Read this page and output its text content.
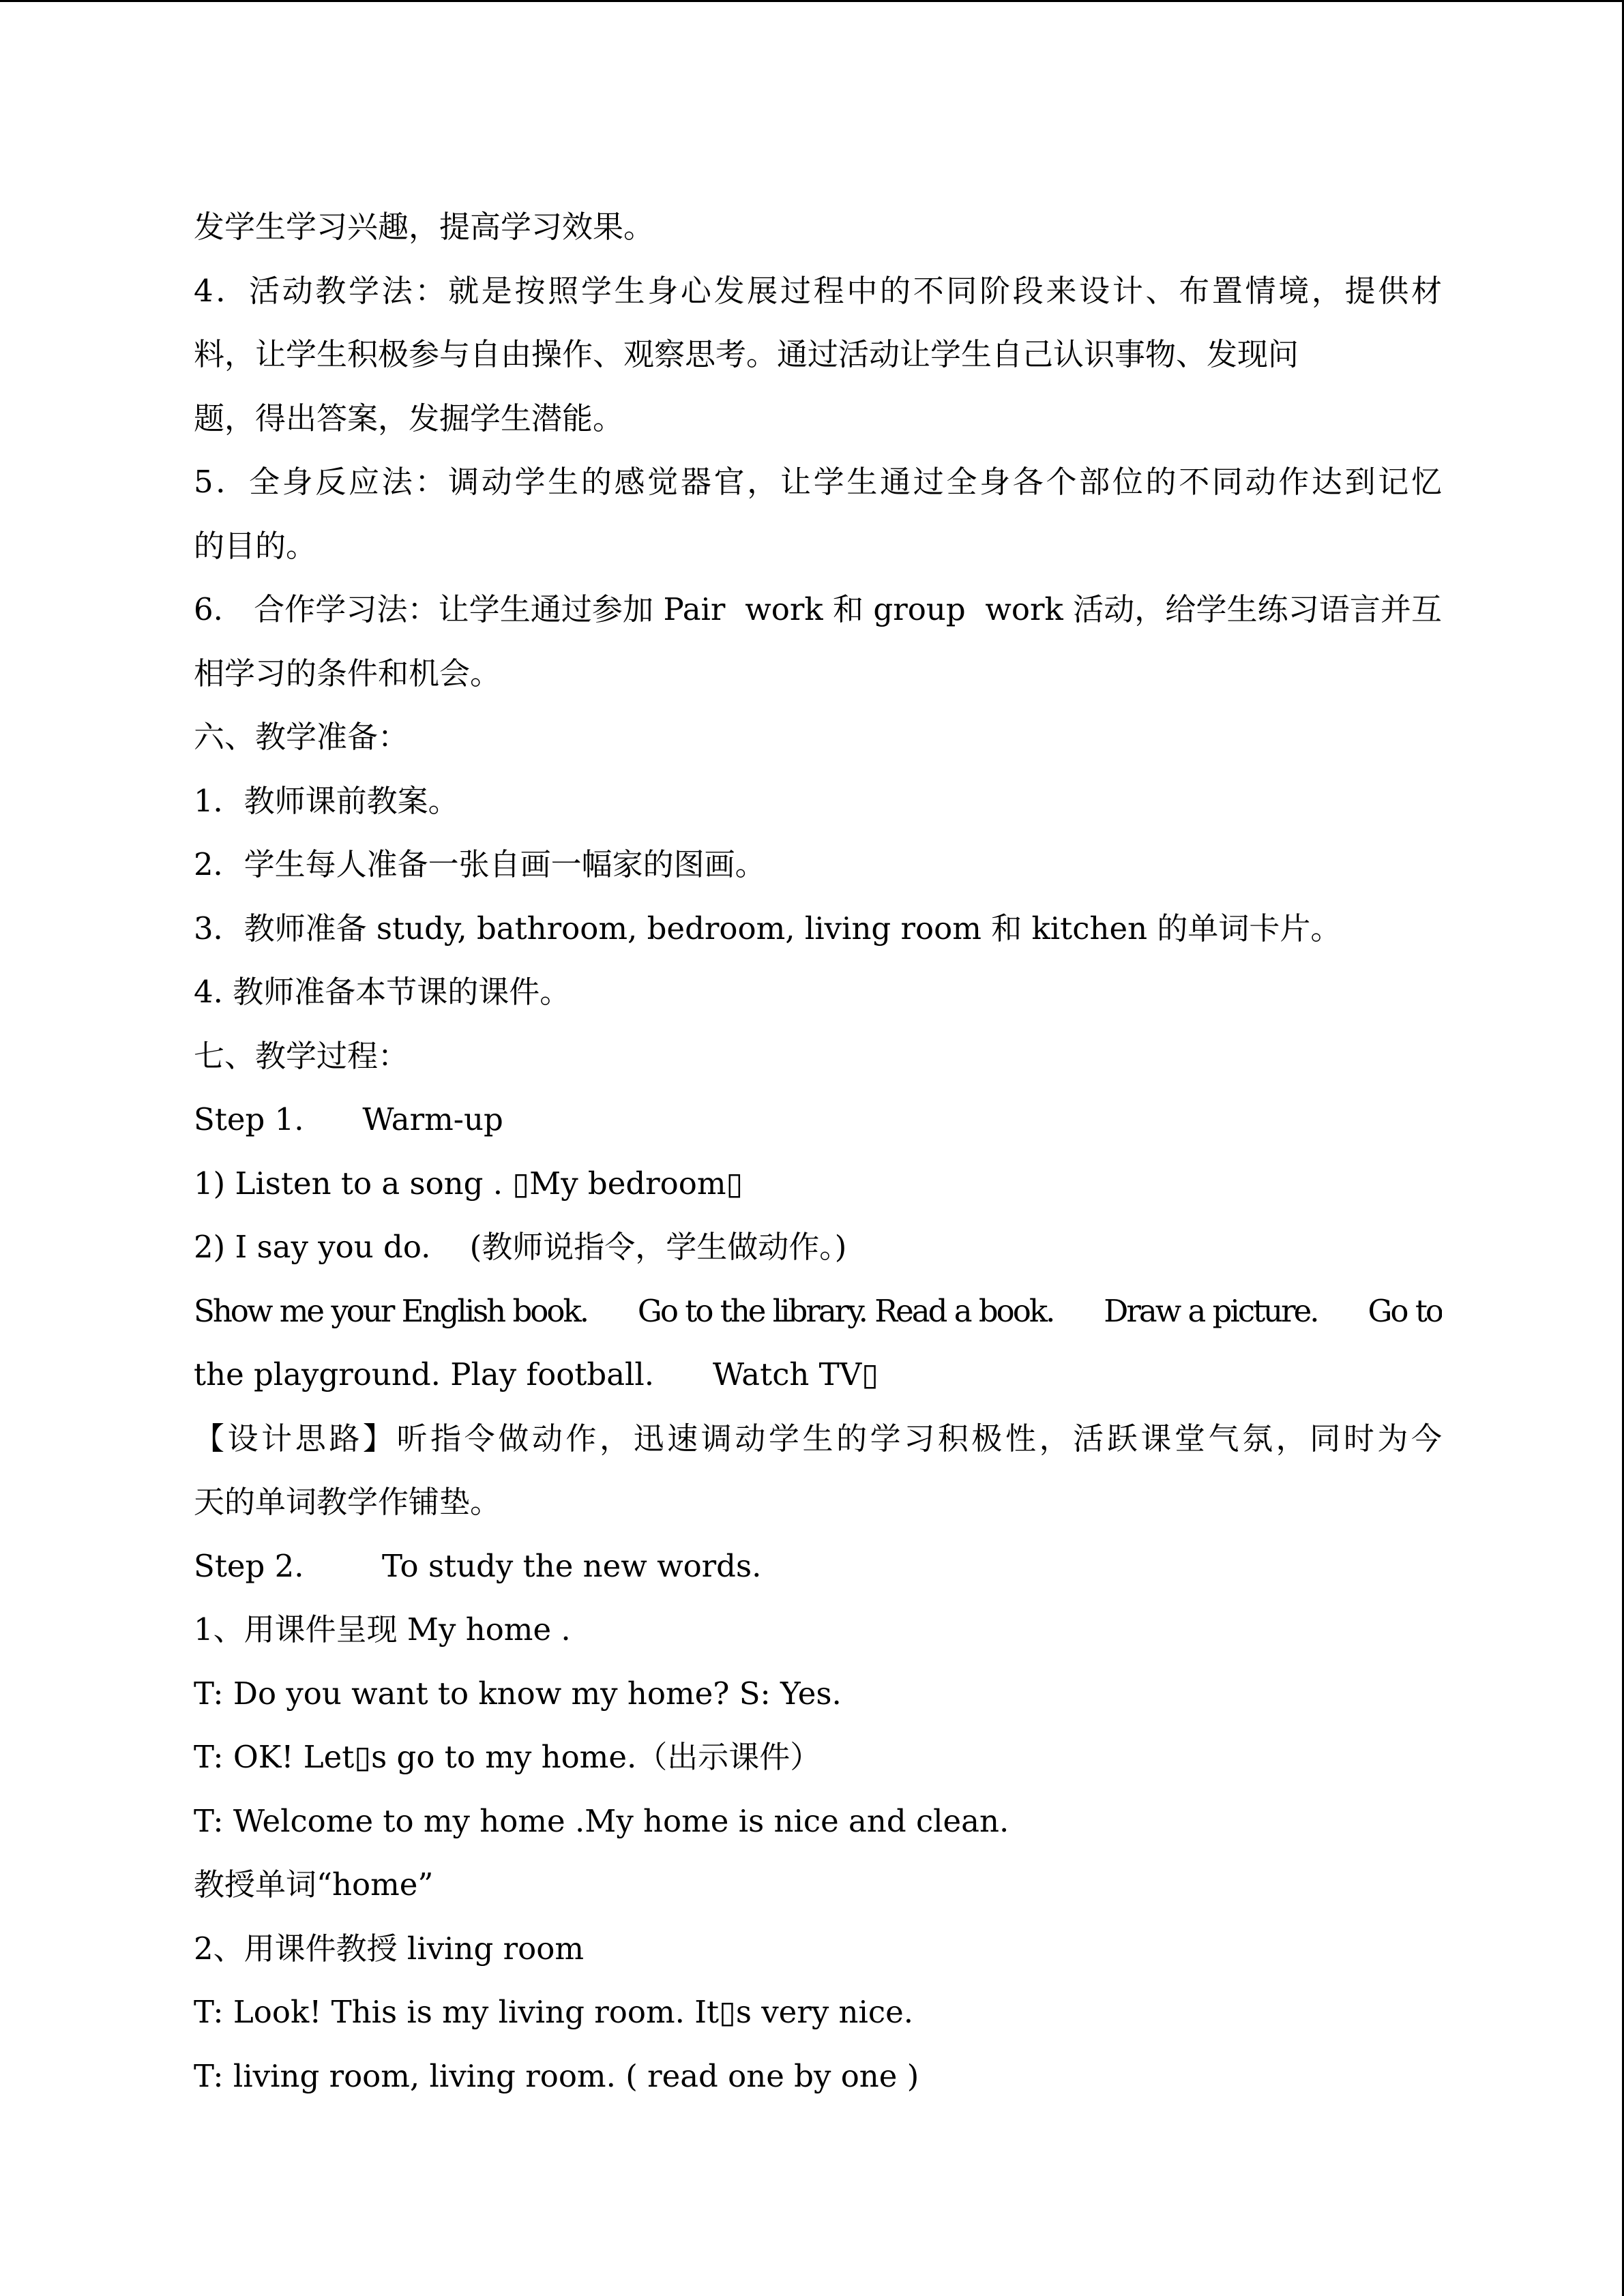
发学生学习兴趣，提高学习效果。
4．活动教学法：就是按照学生身心发展过程中的不同阶段来设计、布置情境，提供材
料，让学生积极参与自由操作、观察思考。通过活动让学生自己认识事物、发现问
题，得出答案，发掘学生潜能。
5．全身反应法：调动学生的感觉器官，让学生通过全身各个部位的不同动作达到记忆
的目的。
6.　合作学习法：让学生通过参加 Pair  work 和 group  work 活动，给学生练习语言并互
相学习的条件和机会。
六、教学准备：
1．教师课前教案。
2．学生每人准备一张自画一幅家的图画。
3．教师准备 study, bathroom, bedroom, living room 和 kitchen 的单词卡片。
4. 教师准备本节课的课件。
七、教学过程：
Step 1.      Warm-up
1) Listen to a song . ▯My bedroom▯
2) I say you do.    (教师说指令，学生做动作。)
Show me your English book.      Go to the library. Read a book.      Draw a picture.      Go to
the playground. Play football.      Watch TV▯
【设计思路】听指令做动作，迅速调动学生的学习积极性，活跃课堂气氛，同时为今
天的单词教学作铺垫。
Step 2.        To study the new words.
1、用课件呈现 My home .
T: Do you want to know my home? S: Yes.
T: OK! Let▯s go to my home.（出示课件）
T: Welcome to my home .My home is nice and clean.
教授单词“home”
2、用课件教授 living room
T: Look! This is my living room. It▯s very nice.
T: living room, living room. ( read one by one )
